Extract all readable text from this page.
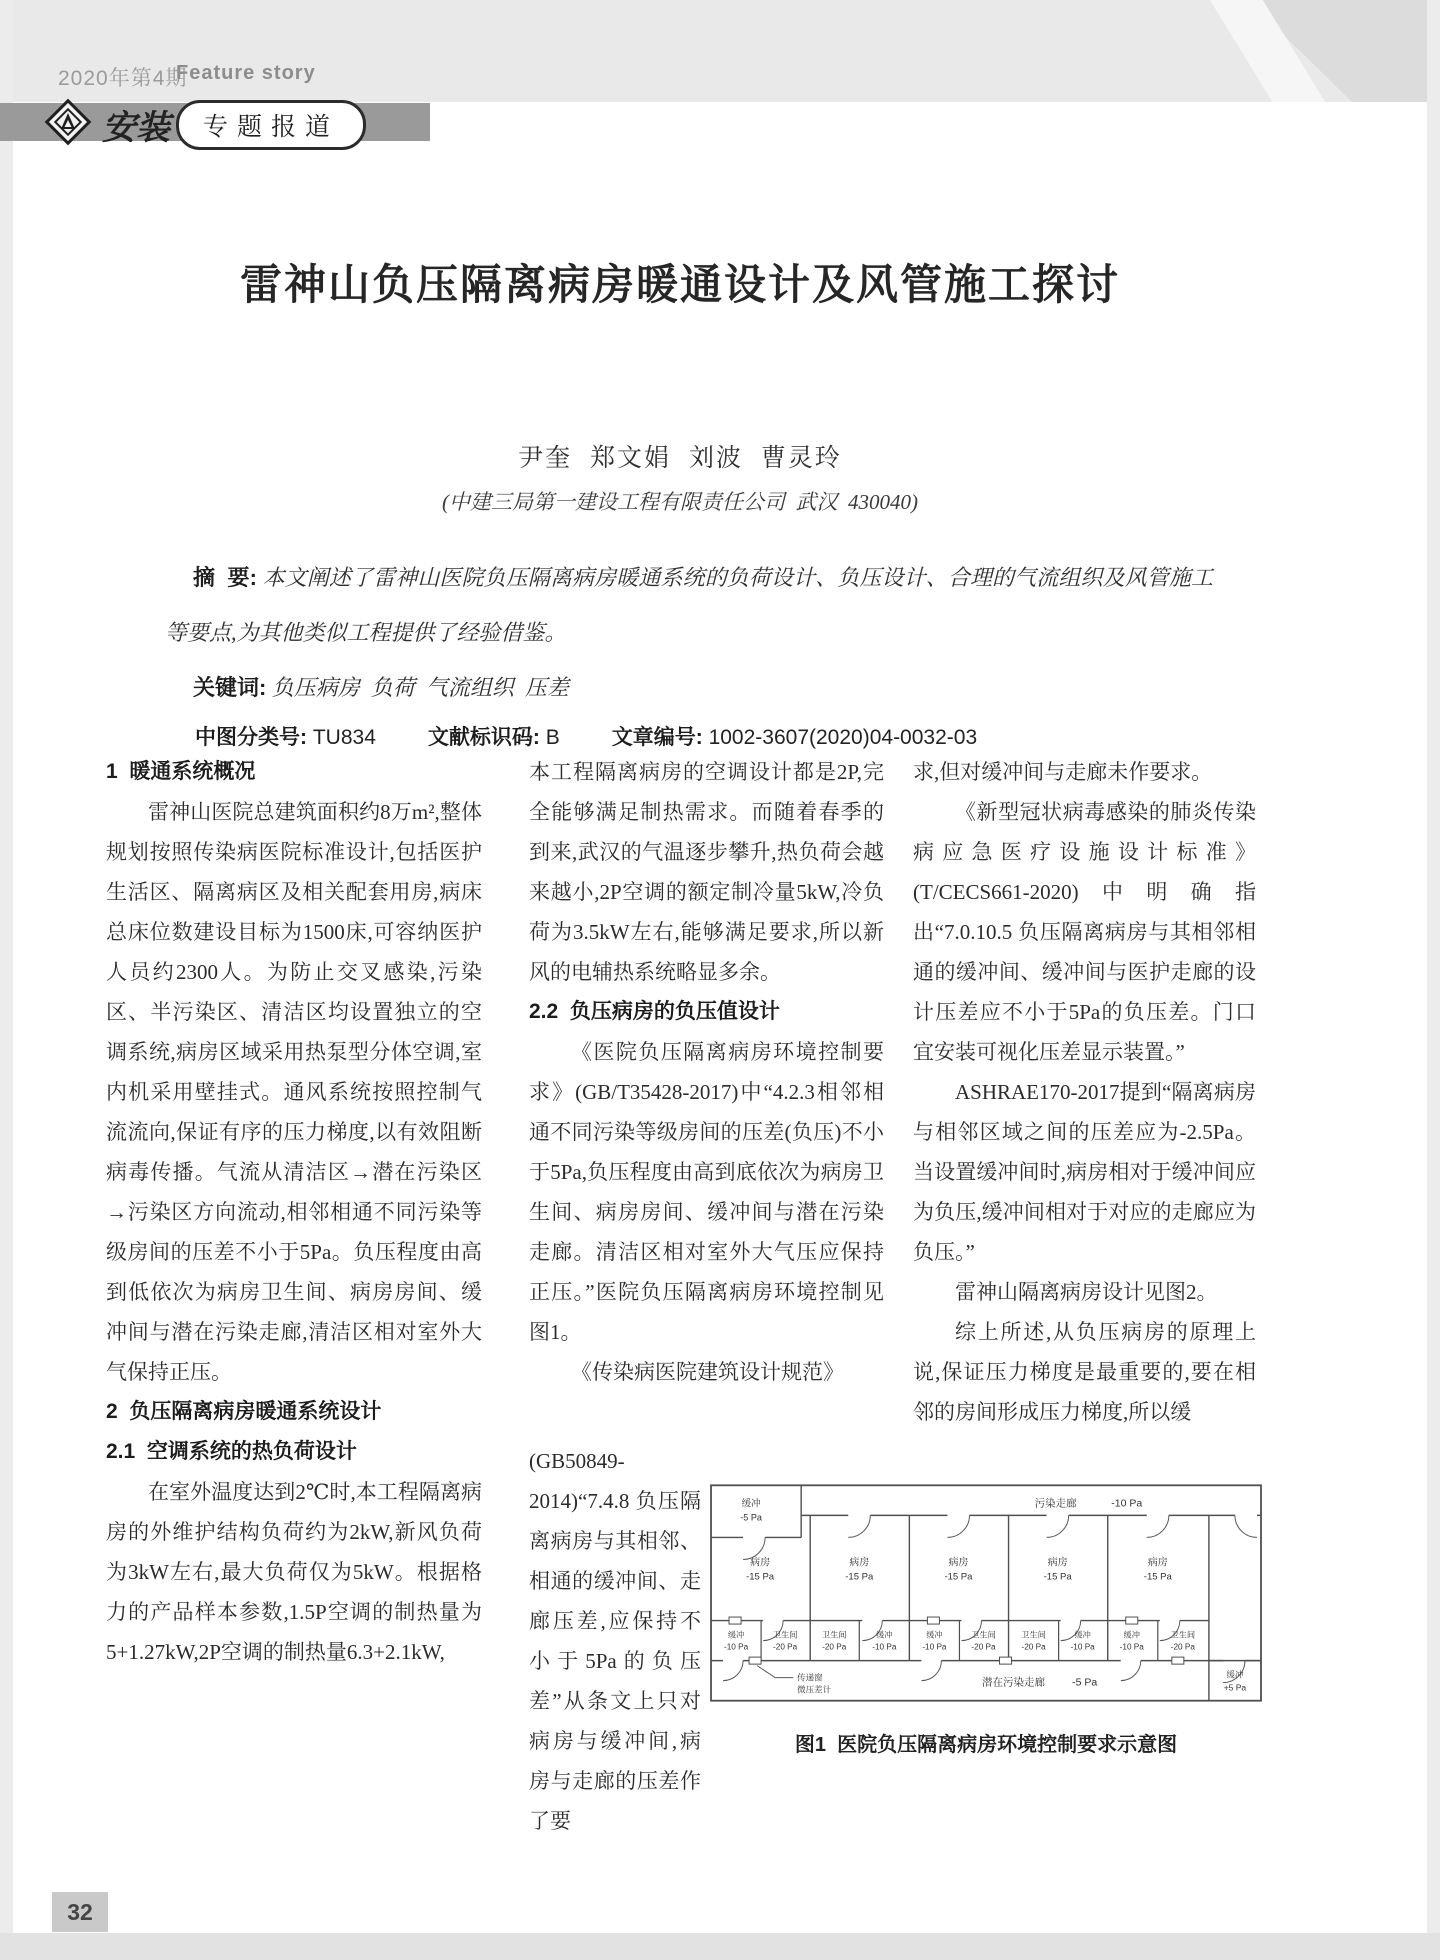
2020年第4期
Feature story
安装	专题报道
雷神山负压隔离病房暖通设计及风管施工探讨
尹奎  郑文娟  刘波  曹灵玲
(中建三局第一建设工程有限责任公司  武汉  430040)

摘  要: 本文阐述了雷神山医院负压隔离病房暖通系统的负荷设计、负压设计、合理的气流组织及风管施工等要点,为其他类似工程提供了经验借鉴。

关键词: 负压病房  负荷  气流组织  压差

中图分类号: TU834 文献标识码: B 文章编号: 1002-3607(2020)04-0032-03

1  暖通系统概况

雷神山医院总建筑面积约8万m²,整体规划按照传染病医院标准设计,包括医护生活区、隔离病区及相关配套用房,病床总床位数建设目标为1500床,可容纳医护人员约2300人。为防止交叉感染,污染区、半污染区、清洁区均设置独立的空调系统,病房区域采用热泵型分体空调,室内机采用壁挂式。通风系统按照控制气流流向,保证有序的压力梯度,以有效阻断病毒传播。气流从清洁区→潜在污染区→污染区方向流动,相邻相通不同污染等级房间的压差不小于5Pa。负压程度由高到低依次为病房卫生间、病房房间、缓冲间与潜在污染走廊,清洁区相对室外大气保持正压。

2  负压隔离病房暖通系统设计

2.1  空调系统的热负荷设计

在室外温度达到2℃时,本工程隔离病房的外维护结构负荷约为2kW,新风负荷为3kW左右,最大负荷仅为5kW。根据格力的产品样本参数,1.5P空调的制热量为5+1.27kW,2P空调的制热量6.3+2.1kW,

本工程隔离病房的空调设计都是2P,完全能够满足制热需求。而随着春季的到来,武汉的气温逐步攀升,热负荷会越来越小,2P空调的额定制冷量5kW,冷负荷为3.5kW左右,能够满足要求,所以新风的电辅热系统略显多余。

2.2  负压病房的负压值设计

《医院负压隔离病房环境控制要求》(GB/T35428-2017)中“4.2.3相邻相通不同污染等级房间的压差(负压)不小于5Pa,负压程度由高到底依次为病房卫生间、病房房间、缓冲间与潜在污染走廊。清洁区相对室外大气压应保持正压。”医院负压隔离病房环境控制见图1。

《传染病医院建筑设计规范》

(GB50849-2014)“7.4.8 负压隔离病房与其相邻、相通的缓冲间、走廊压差,应保持不小于5Pa的负压差”从条文上只对病房与缓冲间,病房与走廊的压差作了要

求,但对缓冲间与走廊未作要求。

《新型冠状病毒感染的肺炎传染病应急医疗设施设计标准》(T/CECS661-2020)中明确指出“7.0.10.5 负压隔离病房与其相邻相通的缓冲间、缓冲间与医护走廊的设计压差应不小于5Pa的负压差。门口宜安装可视化压差显示装置。”

ASHRAE170-2017提到“隔离病房与相邻区域之间的压差应为-2.5Pa。当设置缓冲间时,病房相对于缓冲间应为负压,缓冲间相对于对应的走廊应为负压。”

雷神山隔离病房设计见图2。

综上所述,从负压病房的原理上说,保证压力梯度是最重要的,要在相邻的房间形成压力梯度,所以缓

污染走廊	-10 Pa
潜在污染走廊	-5 Pa
缓冲
-5 Pa
病房
-15 Pa
病房
-15 Pa
病房
-15 Pa
病房
-15 Pa
病房
-15 Pa
缓冲
-10 Pa
卫生间
-20 Pa
卫生间
-20 Pa
缓冲
-10 Pa
缓冲
-10 Pa
卫生间
-20 Pa
卫生间
-20 Pa
缓冲
-10 Pa
缓冲
-10 Pa
卫生间
-20 Pa
缓冲
+5 Pa
传递窗
微压差计
图1  医院负压隔离病房环境控制要求示意图
32
